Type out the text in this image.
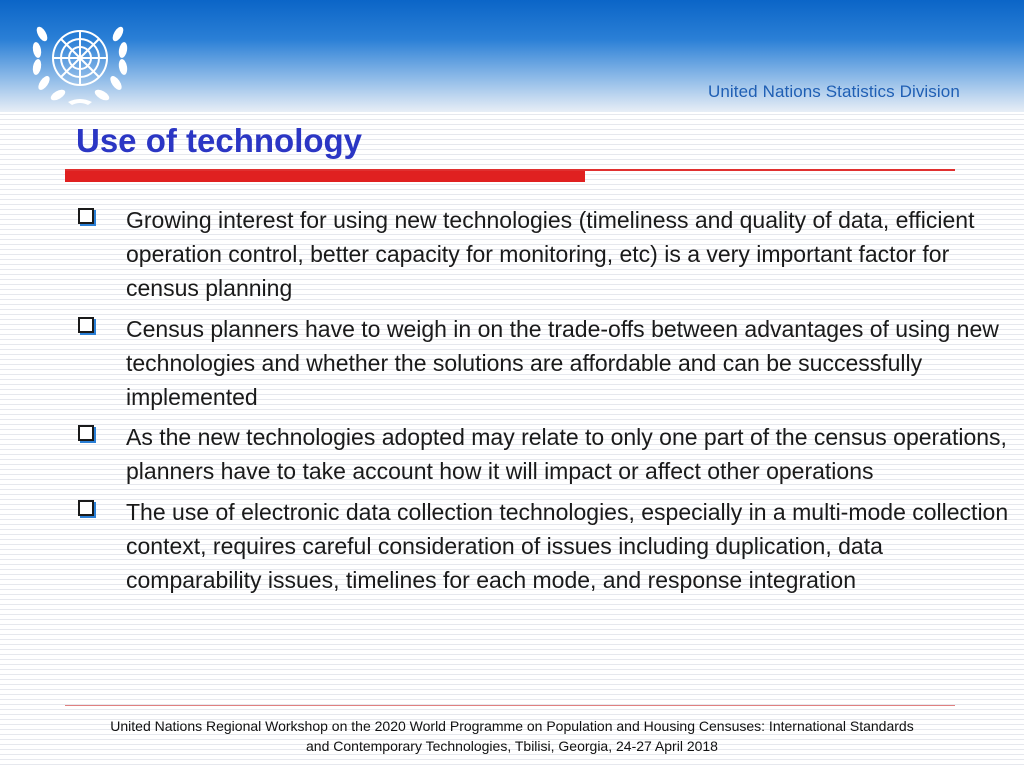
United Nations Statistics Division
Use of technology
Growing interest for using new technologies (timeliness and quality of data, efficient operation control, better capacity for monitoring, etc) is a very important factor for census planning
Census planners have to weigh in on the trade-offs between advantages of using new technologies and whether the solutions are affordable and can be successfully implemented
As the new technologies adopted may relate to only one part of the census operations, planners have to take account how it will impact or affect other operations
The use of electronic data collection technologies, especially in a multi-mode collection context, requires careful consideration of issues including duplication, data comparability issues, timelines for each mode, and response integration
United Nations Regional Workshop on the 2020 World Programme on Population and Housing Censuses: International Standards
and Contemporary Technologies, Tbilisi, Georgia, 24-27 April 2018
